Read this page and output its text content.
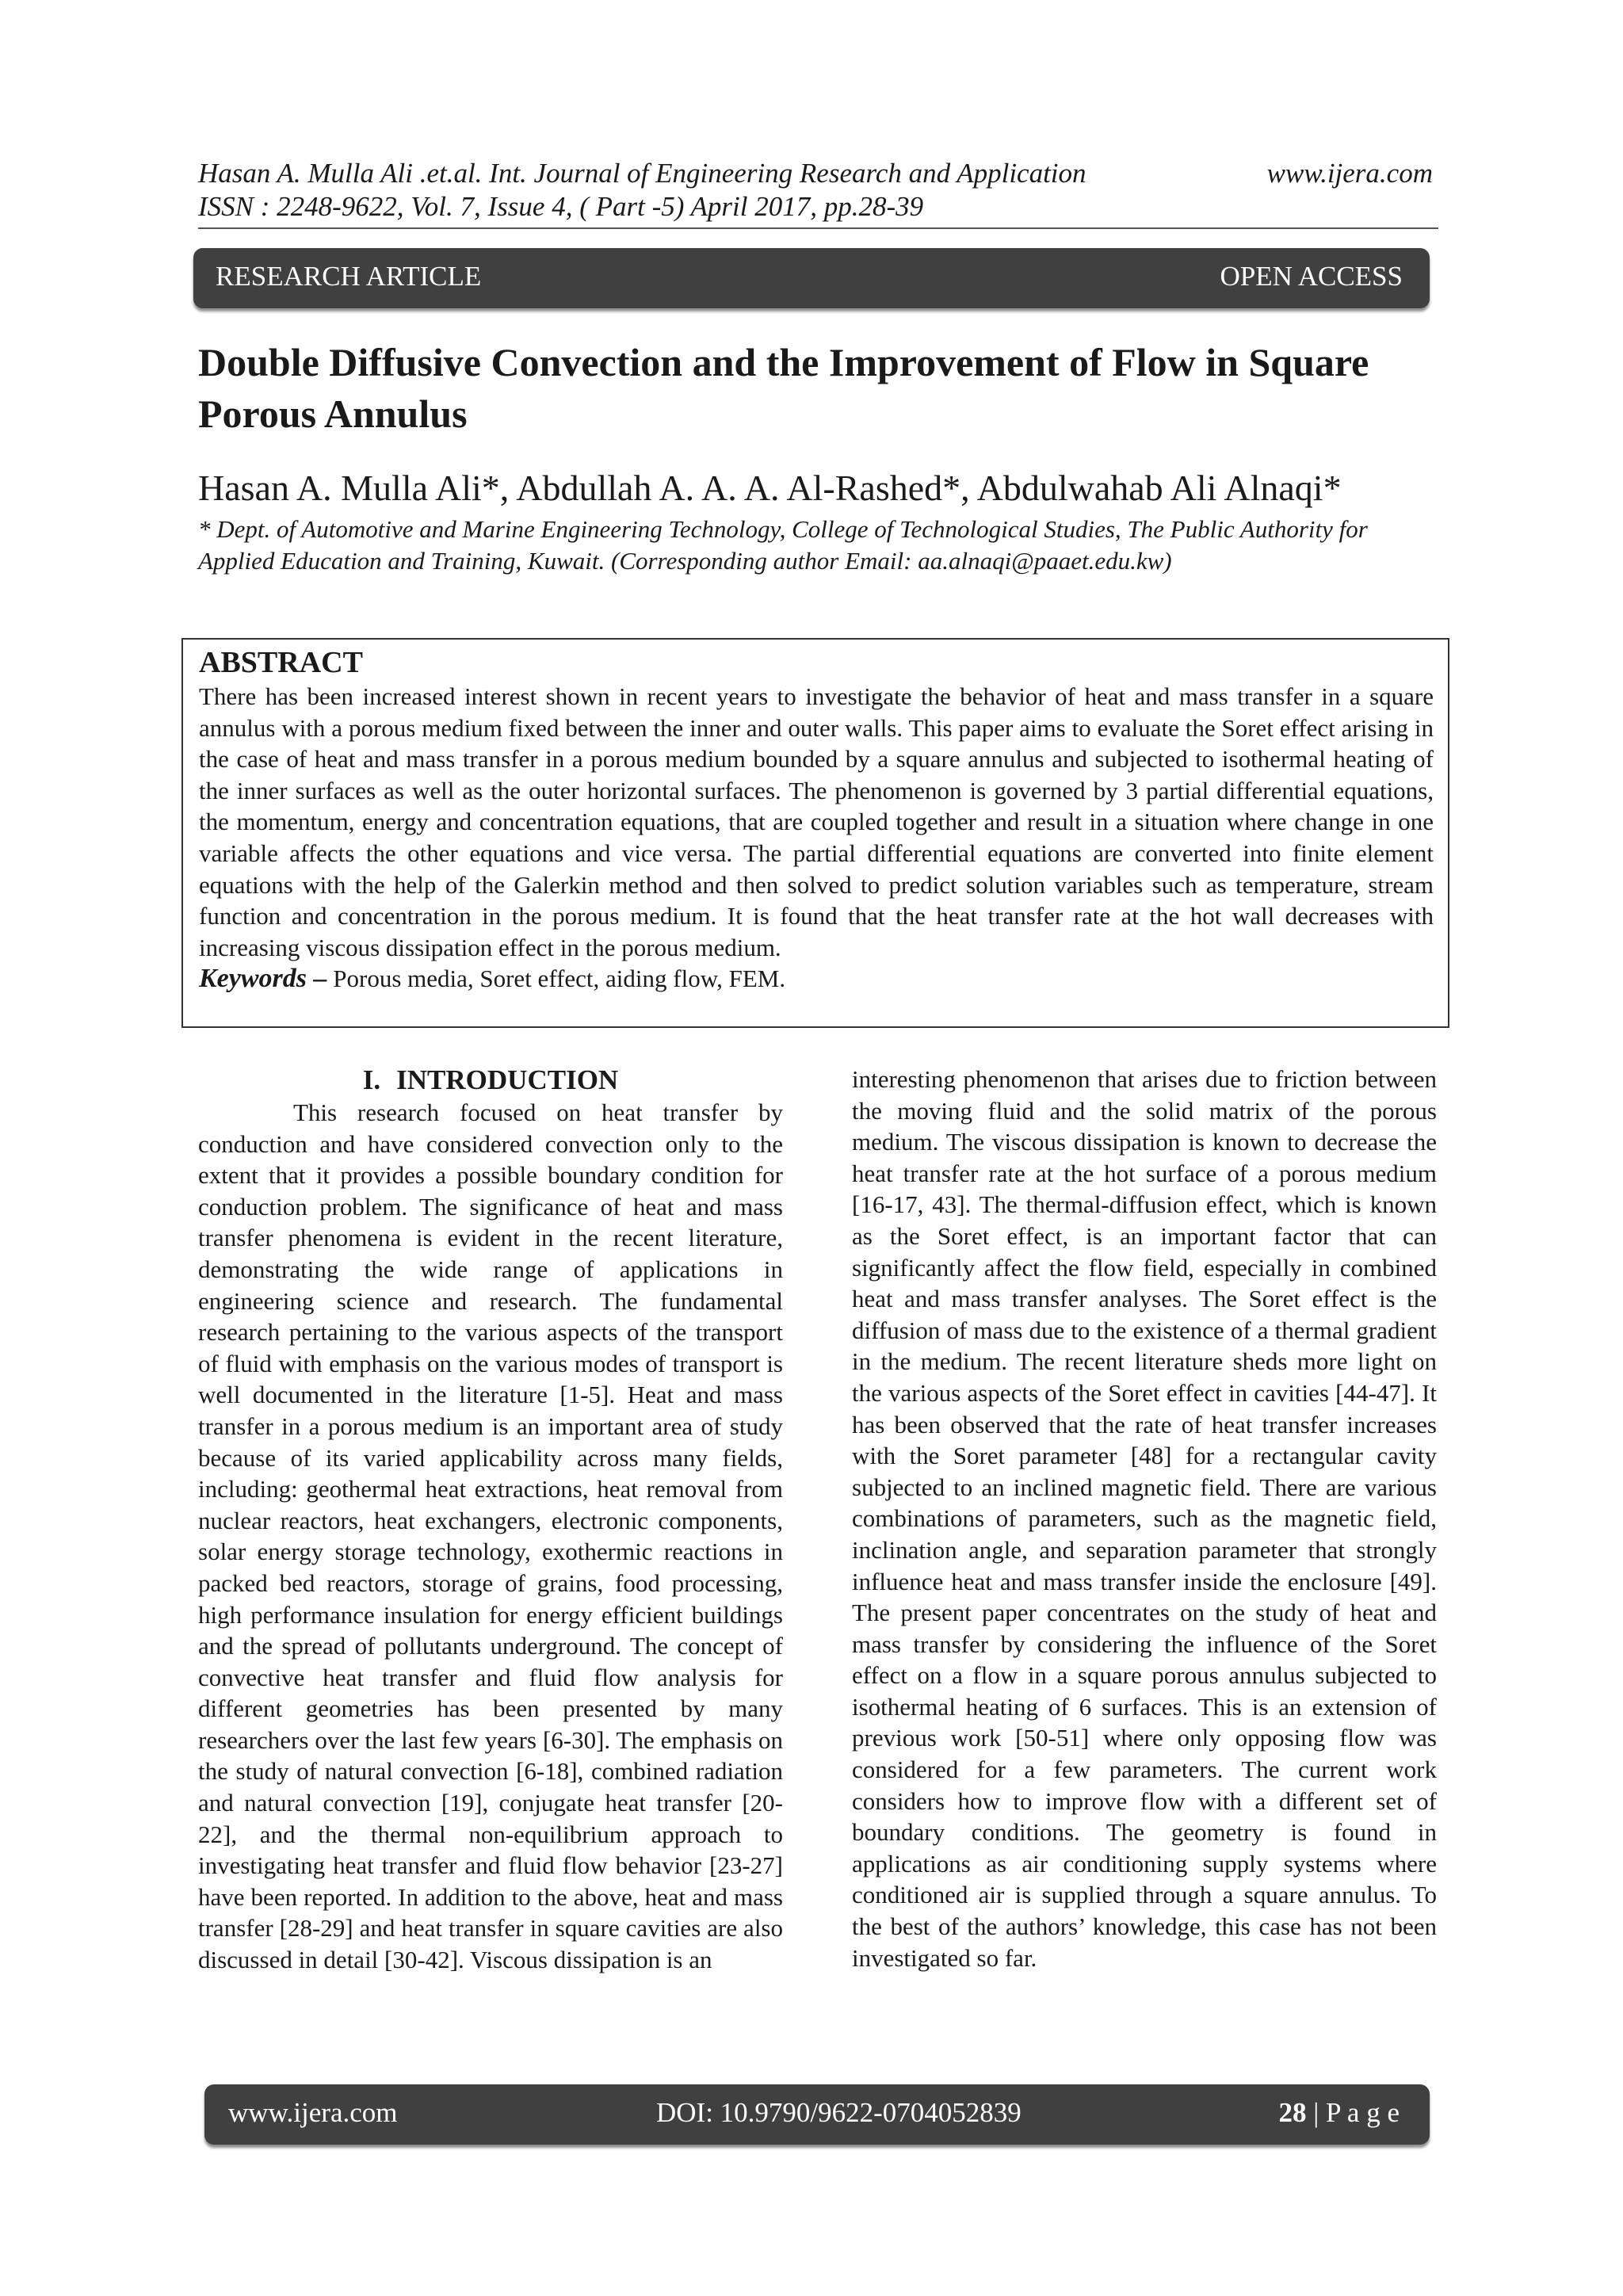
Hasan A. Mulla Ali .et.al. Int. Journal of Engineering Research and Application
ISSN : 2248-9622, Vol. 7, Issue 4, ( Part -5) April 2017, pp.28-39
www.ijera.com
RESEARCH ARTICLE	OPEN ACCESS
Double Diffusive Convection and the Improvement of Flow in Square Porous Annulus
Hasan A. Mulla Ali*, Abdullah A. A. A. Al-Rashed*, Abdulwahab Ali Alnaqi*
* Dept. of Automotive and Marine Engineering Technology, College of Technological Studies, The Public Authority for Applied Education and Training, Kuwait. (Corresponding author Email: aa.alnaqi@paaet.edu.kw)
ABSTRACT

There has been increased interest shown in recent years to investigate the behavior of heat and mass transfer in a square annulus with a porous medium fixed between the inner and outer walls. This paper aims to evaluate the Soret effect arising in the case of heat and mass transfer in a porous medium bounded by a square annulus and subjected to isothermal heating of the inner surfaces as well as the outer horizontal surfaces. The phenomenon is governed by 3 partial differential equations, the momentum, energy and concentration equations, that are coupled together and result in a situation where change in one variable affects the other equations and vice versa. The partial differential equations are converted into finite element equations with the help of the Galerkin method and then solved to predict solution variables such as temperature, stream function and concentration in the porous medium. It is found that the heat transfer rate at the hot wall decreases with increasing viscous dissipation effect in the porous medium.

Keywords – Porous media, Soret effect, aiding flow, FEM.
I. INTRODUCTION

This research focused on heat transfer by conduction and have considered convection only to the extent that it provides a possible boundary condition for conduction problem. The significance of heat and mass transfer phenomena is evident in the recent literature, demonstrating the wide range of applications in engineering science and research. The fundamental research pertaining to the various aspects of the transport of fluid with emphasis on the various modes of transport is well documented in the literature [1-5]. Heat and mass transfer in a porous medium is an important area of study because of its varied applicability across many fields, including: geothermal heat extractions, heat removal from nuclear reactors, heat exchangers, electronic components, solar energy storage technology, exothermic reactions in packed bed reactors, storage of grains, food processing, high performance insulation for energy efficient buildings and the spread of pollutants underground. The concept of convective heat transfer and fluid flow analysis for different geometries has been presented by many researchers over the last few years [6-30]. The emphasis on the study of natural convection [6-18], combined radiation and natural convection [19], conjugate heat transfer [20-22], and the thermal non-equilibrium approach to investigating heat transfer and fluid flow behavior [23-27] have been reported. In addition to the above, heat and mass transfer [28-29] and heat transfer in square cavities are also discussed in detail [30-42]. Viscous dissipation is an

interesting phenomenon that arises due to friction between the moving fluid and the solid matrix of the porous medium. The viscous dissipation is known to decrease the heat transfer rate at the hot surface of a porous medium [16-17, 43]. The thermal-diffusion effect, which is known as the Soret effect, is an important factor that can significantly affect the flow field, especially in combined heat and mass transfer analyses. The Soret effect is the diffusion of mass due to the existence of a thermal gradient in the medium. The recent literature sheds more light on the various aspects of the Soret effect in cavities [44-47]. It has been observed that the rate of heat transfer increases with the Soret parameter [48] for a rectangular cavity subjected to an inclined magnetic field. There are various combinations of parameters, such as the magnetic field, inclination angle, and separation parameter that strongly influence heat and mass transfer inside the enclosure [49]. The present paper concentrates on the study of heat and mass transfer by considering the influence of the Soret effect on a flow in a square porous annulus subjected to isothermal heating of 6 surfaces. This is an extension of previous work [50-51] where only opposing flow was considered for a few parameters. The current work considers how to improve flow with a different set of boundary conditions. The geometry is found in applications as air conditioning supply systems where conditioned air is supplied through a square annulus. To the best of the authors’ knowledge, this case has not been investigated so far.

www.ijera.com	DOI: 10.9790/9622-0704052839	28 | P a g e
